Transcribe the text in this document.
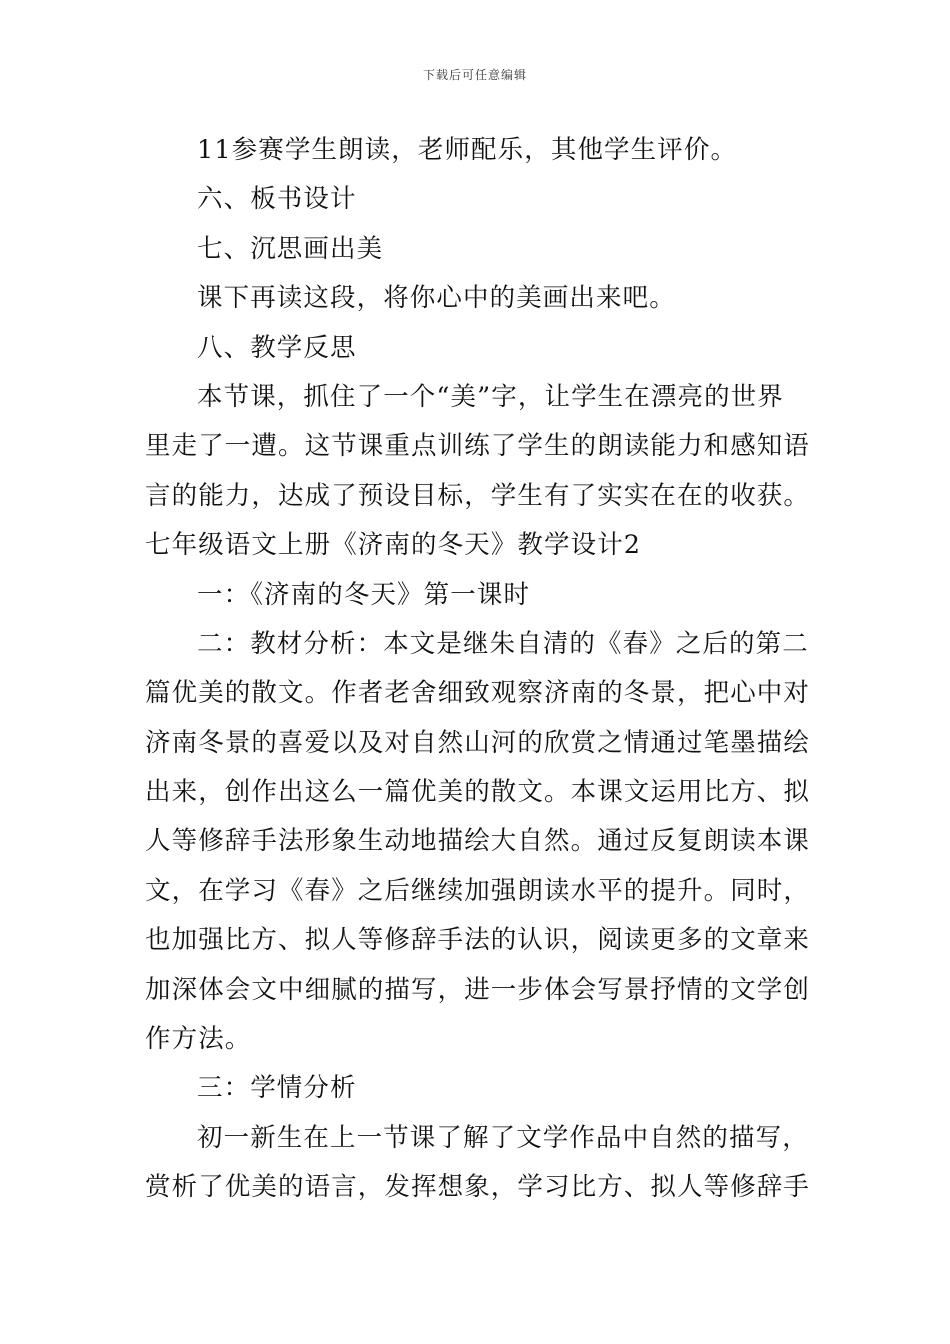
下载后可任意编辑
11参赛学生朗读，老师配乐，其他学生评价。
六、板书设计
七、沉思画出美
课下再读这段，将你心中的美画出来吧。
八、教学反思
本节课，抓住了一个“美”字，让学生在漂亮的世界
里走了一遭。这节课重点训练了学生的朗读能力和感知语
言的能力，达成了预设目标，学生有了实实在在的收获。
七年级语文上册《济南的冬天》教学设计2
一：《济南的冬天》第一课时
二：教材分析：本文是继朱自清的《春》之后的第二
篇优美的散文。作者老舍细致观察济南的冬景，把心中对
济南冬景的喜爱以及对自然山河的欣赏之情通过笔墨描绘
出来，创作出这么一篇优美的散文。本课文运用比方、拟
人等修辞手法形象生动地描绘大自然。通过反复朗读本课
文，在学习《春》之后继续加强朗读水平的提升。同时，
也加强比方、拟人等修辞手法的认识，阅读更多的文章来
加深体会文中细腻的描写，进一步体会写景抒情的文学创
作方法。
三：学情分析
初一新生在上一节课了解了文学作品中自然的描写，
赏析了优美的语言，发挥想象，学习比方、拟人等修辞手
